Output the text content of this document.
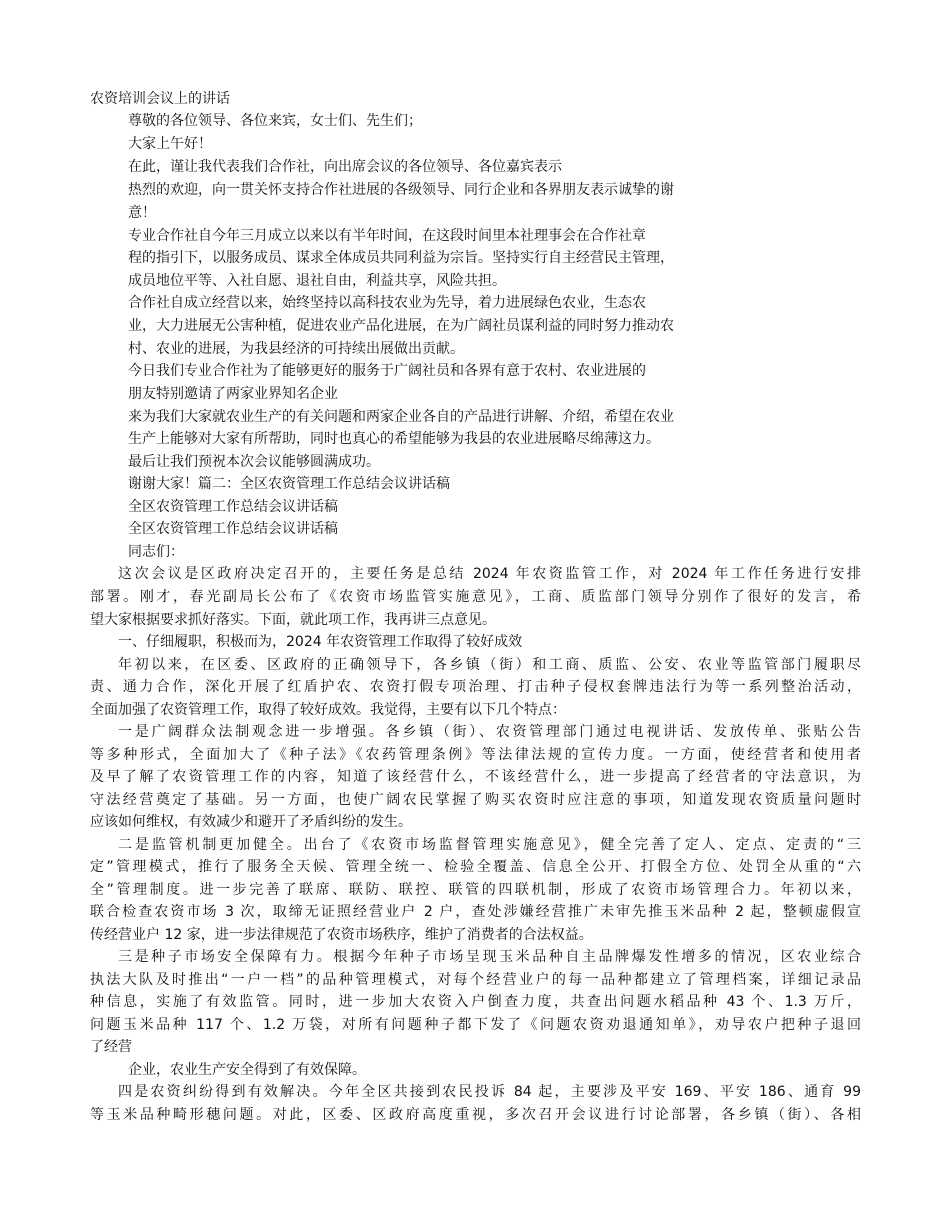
农资培训会议上的讲话

尊敬的各位领导、各位来宾，女士们、先生们；

大家上午好！

在此，谨让我代表我们合作社，向出席会议的各位领导、各位嘉宾表示

热烈的欢迎，向一贯关怀支持合作社进展的各级领导、同行企业和各界朋友表示诚挚的谢

意！

专业合作社自今年三月成立以来以有半年时间，在这段时间里本社理事会在合作社章

程的指引下，以服务成员、谋求全体成员共同利益为宗旨。坚持实行自主经营民主管理，

成员地位平等、入社自愿、退社自由，利益共享，风险共担。

合作社自成立经营以来，始终坚持以高科技农业为先导，着力进展绿色农业，生态农

业，大力进展无公害种植，促进农业产品化进展，在为广阔社员谋利益的同时努力推动农

村、农业的进展，为我县经济的可持续出展做出贡献。

今日我们专业合作社为了能够更好的服务于广阔社员和各界有意于农村、农业进展的

朋友特别邀请了两家业界知名企业

来为我们大家就农业生产的有关问题和两家企业各自的产品进行讲解、介绍，希望在农业

生产上能够对大家有所帮助，同时也真心的希望能够为我县的农业进展略尽绵薄这力。

最后让我们预祝本次会议能够圆满成功。

谢谢大家！篇二：全区农资管理工作总结会议讲话稿

全区农资管理工作总结会议讲话稿

全区农资管理工作总结会议讲话稿

同志们：

这次会议是区政府决定召开的，主要任务是总结 2024 年农资监管工作，对 2024 年工作任务进行安排

部署。刚才，春光副局长公布了《农资市场监管实施意见》，工商、质监部门领导分别作了很好的发言，希

望大家根据要求抓好落实。下面，就此项工作，我再讲三点意见。

一、仔细履职，积极而为，2024 年农资管理工作取得了较好成效

年初以来，在区委、区政府的正确领导下，各乡镇（街）和工商、质监、公安、农业等监管部门履职尽

责、通力合作，深化开展了红盾护农、农资打假专项治理、打击种子侵权套牌违法行为等一系列整治活动，

全面加强了农资管理工作，取得了较好成效。我觉得，主要有以下几个特点：

一是广阔群众法制观念进一步增强。各乡镇（街）、农资管理部门通过电视讲话、发放传单、张贴公告

等多种形式，全面加大了《种子法》《农药管理条例》等法律法规的宣传力度。一方面，使经营者和使用者

及早了解了农资管理工作的内容，知道了该经营什么，不该经营什么，进一步提高了经营者的守法意识，为

守法经营奠定了基础。另一方面，也使广阔农民掌握了购买农资时应注意的事项，知道发现农资质量问题时

应该如何维权，有效减少和避开了矛盾纠纷的发生。

二是监管机制更加健全。出台了《农资市场监督管理实施意见》，健全完善了定人、定点、定责的“三

定”管理模式，推行了服务全天候、管理全统一、检验全覆盖、信息全公开、打假全方位、处罚全从重的“六

全”管理制度。进一步完善了联席、联防、联控、联管的四联机制，形成了农资市场管理合力。年初以来，

联合检查农资市场 3 次，取缔无证照经营业户 2 户，查处涉嫌经营推广未审先推玉米品种 2 起，整顿虚假宣

传经营业户 12 家，进一步法律规范了农资市场秩序，维护了消费者的合法权益。

三是种子市场安全保障有力。根据今年种子市场呈现玉米品种自主品牌爆发性增多的情况，区农业综合

执法大队及时推出“一户一档”的品种管理模式，对每个经营业户的每一品种都建立了管理档案，详细记录品

种信息，实施了有效监管。同时，进一步加大农资入户倒查力度，共查出问题水稻品种 43 个、1.3 万斤，

问题玉米品种 117 个、1.2 万袋，对所有问题种子都下发了《问题农资劝退通知单》，劝导农户把种子退回

了经营

企业，农业生产安全得到了有效保障。

四是农资纠纷得到有效解决。今年全区共接到农民投诉 84 起，主要涉及平安 169、平安 186、通育 99

等玉米品种畸形穗问题。对此，区委、区政府高度重视，多次召开会议进行讨论部署，各乡镇（街）、各相
